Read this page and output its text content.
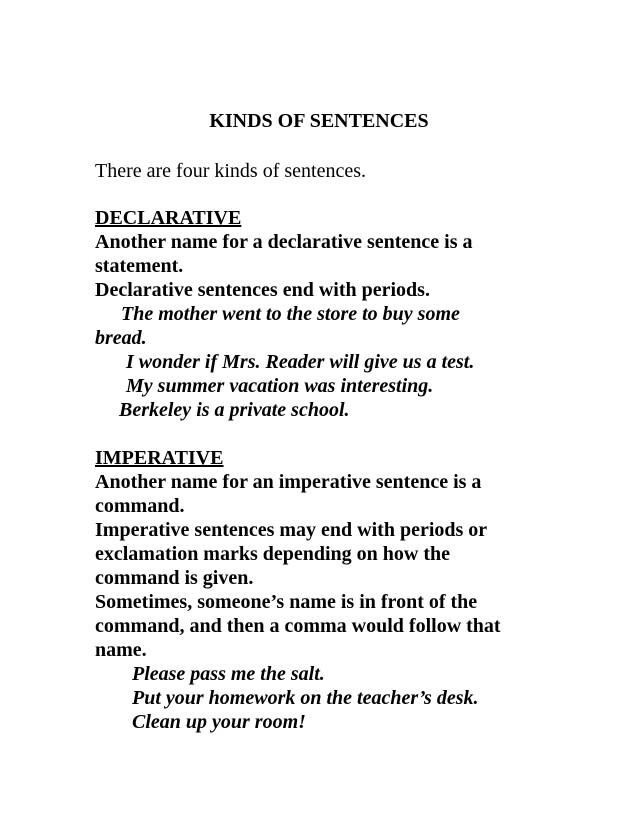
KINDS OF SENTENCES
There are four kinds of sentences.
DECLARATIVE
Another name for a declarative sentence is a
statement.
Declarative sentences end with periods.
The mother went to the store to buy some
bread.
I wonder if Mrs. Reader will give us a test.
My summer vacation was interesting.
Berkeley is a private school.
IMPERATIVE
Another name for an imperative sentence is a
command.
Imperative sentences may end with periods or
exclamation marks depending on how the
command is given.
Sometimes, someone’s name is in front of the
command, and then a comma would follow that
name.
Please pass me the salt.
Put your homework on the teacher’s desk.
Clean up your room!
